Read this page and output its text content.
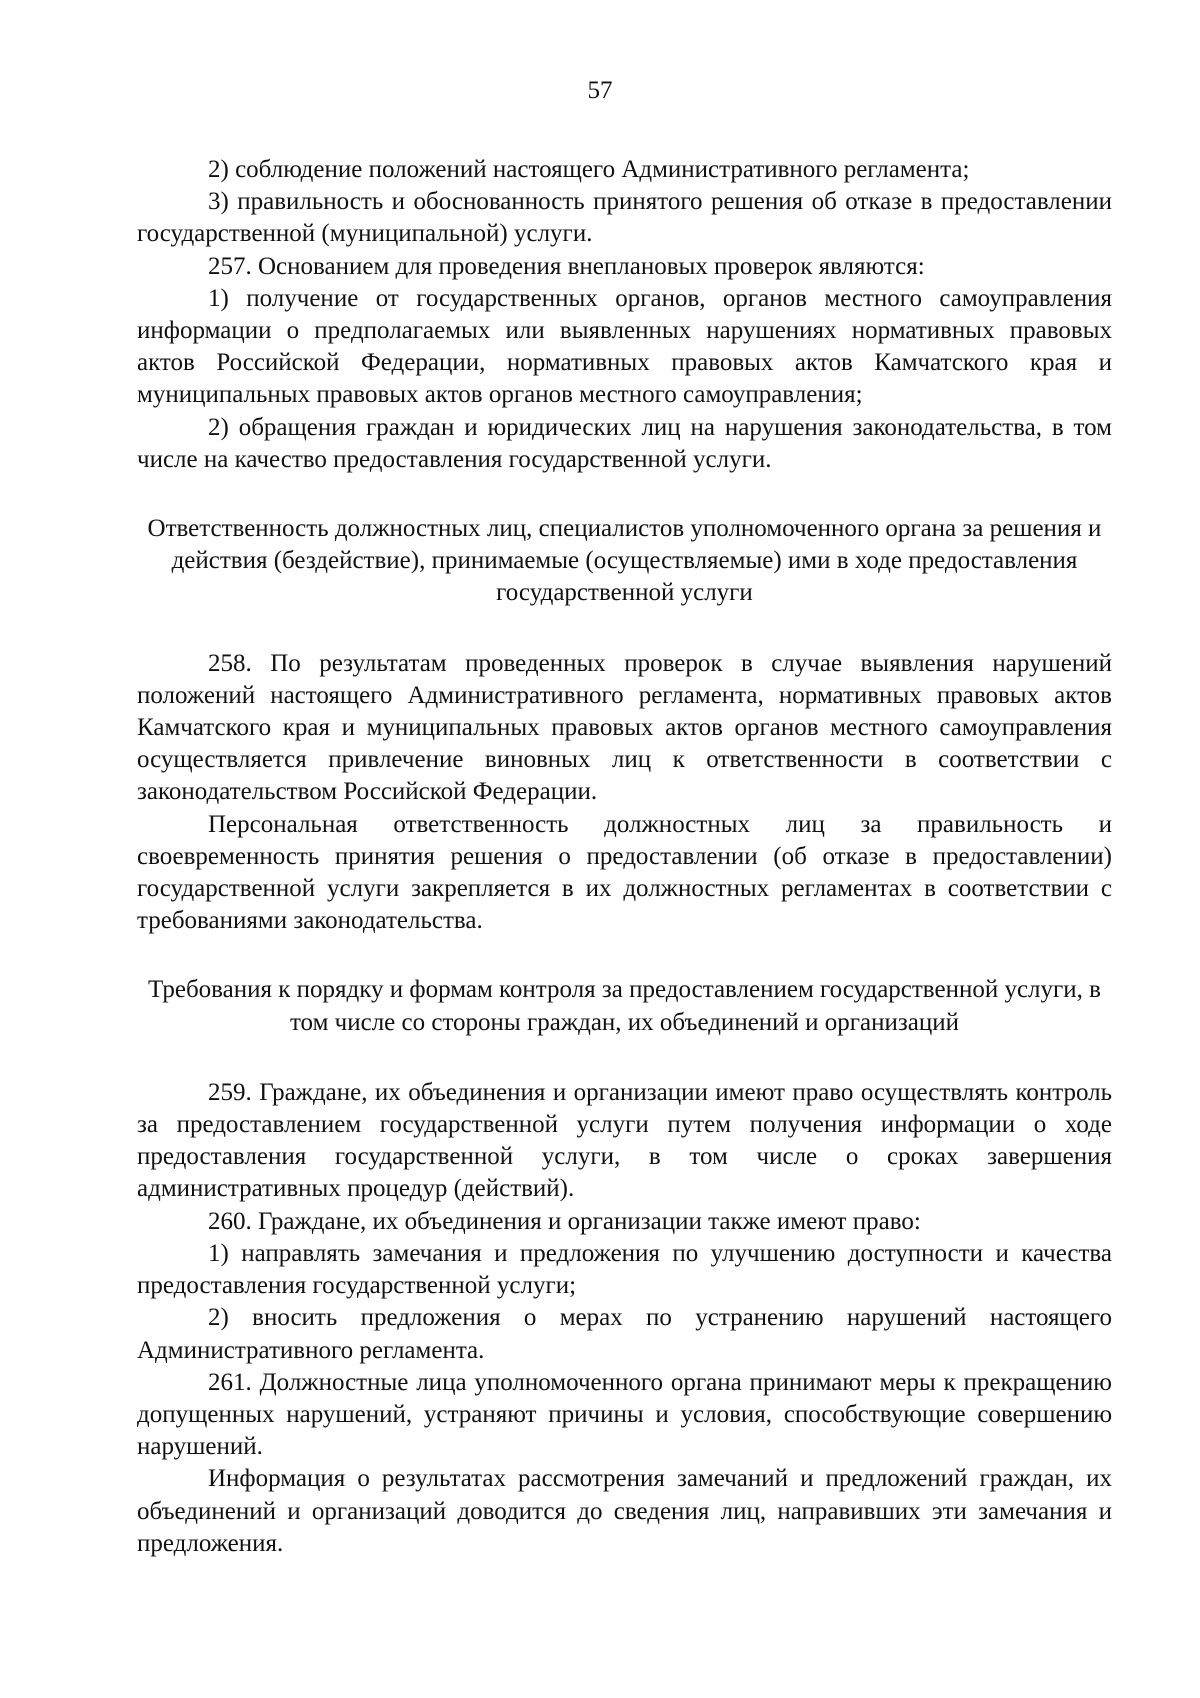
57

2) соблюдение положений настоящего Административного регламента;

3) правильность и обоснованность принятого решения об отказе в предоставлении государственной (муниципальной) услуги.

257. Основанием для проведения внеплановых проверок являются:

1) получение от государственных органов, органов местного самоуправления информации о предполагаемых или выявленных нарушениях нормативных правовых актов Российской Федерации, нормативных правовых актов Камчатского края и муниципальных правовых актов органов местного самоуправления;

2) обращения граждан и юридических лиц на нарушения законодательства, в том числе на качество предоставления государственной услуги.

Ответственность должностных лиц, специалистов уполномоченного органа за решения и действия (бездействие), принимаемые (осуществляемые) ими в ходе предоставления государственной услуги

258. По результатам проведенных проверок в случае выявления нарушений положений настоящего Административного регламента, нормативных правовых актов Камчатского края и муниципальных правовых актов органов местного самоуправления осуществляется привлечение виновных лиц к ответственности в соответствии с законодательством Российской Федерации.

Персональная ответственность должностных лиц за правильность и своевременность принятия решения о предоставлении (об отказе в предоставлении) государственной услуги закрепляется в их должностных регламентах в соответствии с требованиями законодательства.

Требования к порядку и формам контроля за предоставлением государственной услуги, в том числе со стороны граждан, их объединений и организаций

259. Граждане, их объединения и организации имеют право осуществлять контроль за предоставлением государственной услуги путем получения информации о ходе предоставления государственной услуги, в том числе о сроках завершения административных процедур (действий).

260. Граждане, их объединения и организации также имеют право:

1) направлять замечания и предложения по улучшению доступности и качества предоставления государственной услуги;

2) вносить предложения о мерах по устранению нарушений настоящего Административного регламента.

261. Должностные лица уполномоченного органа принимают меры к прекращению допущенных нарушений, устраняют причины и условия, способствующие совершению нарушений.

Информация о результатах рассмотрения замечаний и предложений граждан, их объединений и организаций доводится до сведения лиц, направивших эти замечания и предложения.
